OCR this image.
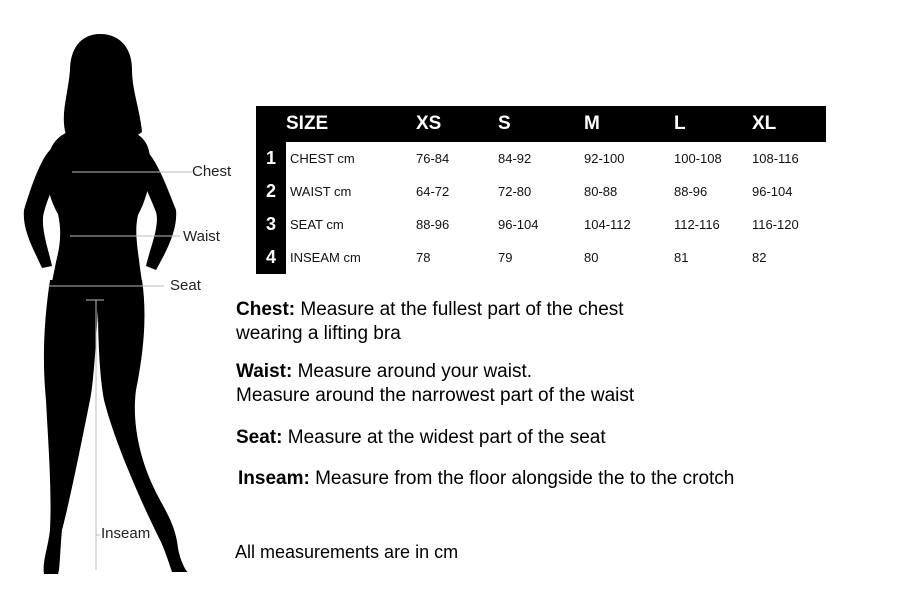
Chest
Waist
Seat
Inseam
	SIZE	XS	S	M	L	XL
1	CHEST cm	76-84	84-92	92-100	100-108	108-116
2	WAIST cm	64-72	72-80	80-88	88-96	96-104
3	SEAT cm	88-96	96-104	104-112	112-116	116-120
4	INSEAM cm	78	79	80	81	82
Chest: Measure at the fullest part of the chest
wearing a lifting bra
Waist: Measure around your waist.
Measure around the narrowest part of the waist
Seat: Measure at the widest part of the seat
Inseam: Measure from the floor alongside the to the crotch
All measurements are in cm
